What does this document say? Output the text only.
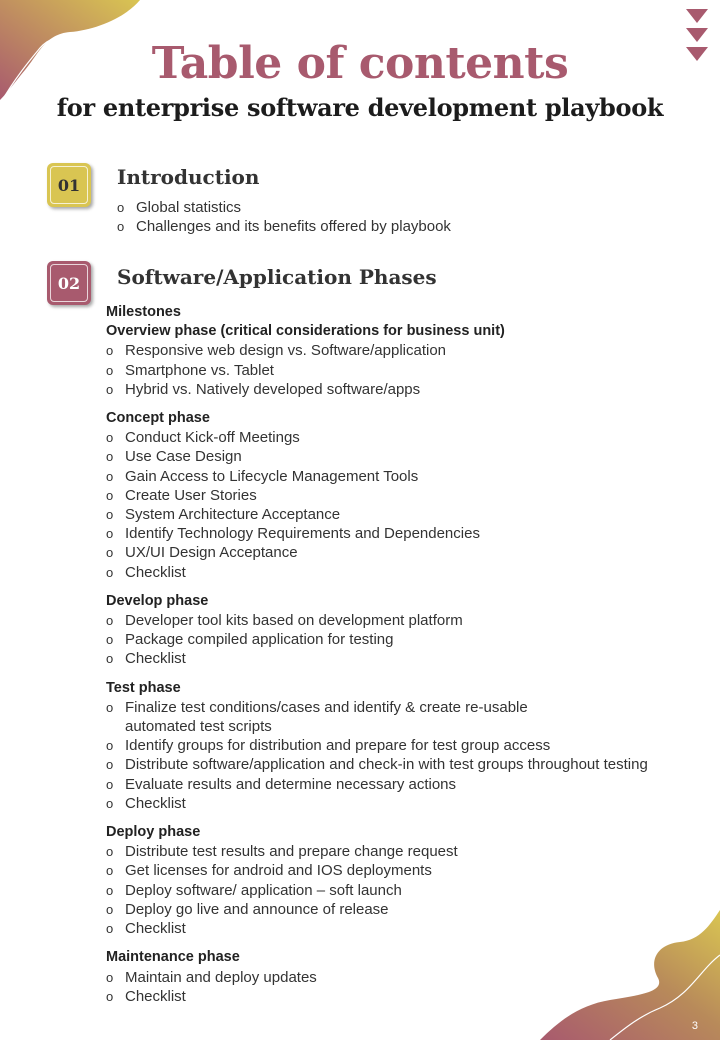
Table of contents
for enterprise software development playbook
01	Introduction
o Global statistics
o Challenges and its benefits offered by playbook
02	Software/Application Phases
Milestones
Overview phase (critical considerations for business unit)
o Responsive web design vs. Software/application
o Smartphone vs. Tablet
o Hybrid vs. Natively developed software/apps
Concept phase
o Conduct Kick-off Meetings
o Use Case Design
o Gain Access to Lifecycle Management Tools
o Create User Stories
o System Architecture Acceptance
o Identify Technology Requirements and Dependencies
o UX/UI Design Acceptance
o Checklist
Develop phase
o Developer tool kits based on development platform
o Package compiled application for testing
o Checklist
Test phase
o Finalize test conditions/cases and identify & create re-usable
automated test scripts
o Identify groups for distribution and prepare for test group access
o Distribute software/application and check-in with test groups throughout testing
o Evaluate results and determine necessary actions
o Checklist
Deploy phase
o Distribute test results and prepare change request
o Get licenses for android and IOS deployments
o Deploy software/ application – soft launch
o Deploy go live and announce of release
o Checklist
Maintenance phase
o Maintain and deploy updates
o Checklist
3
